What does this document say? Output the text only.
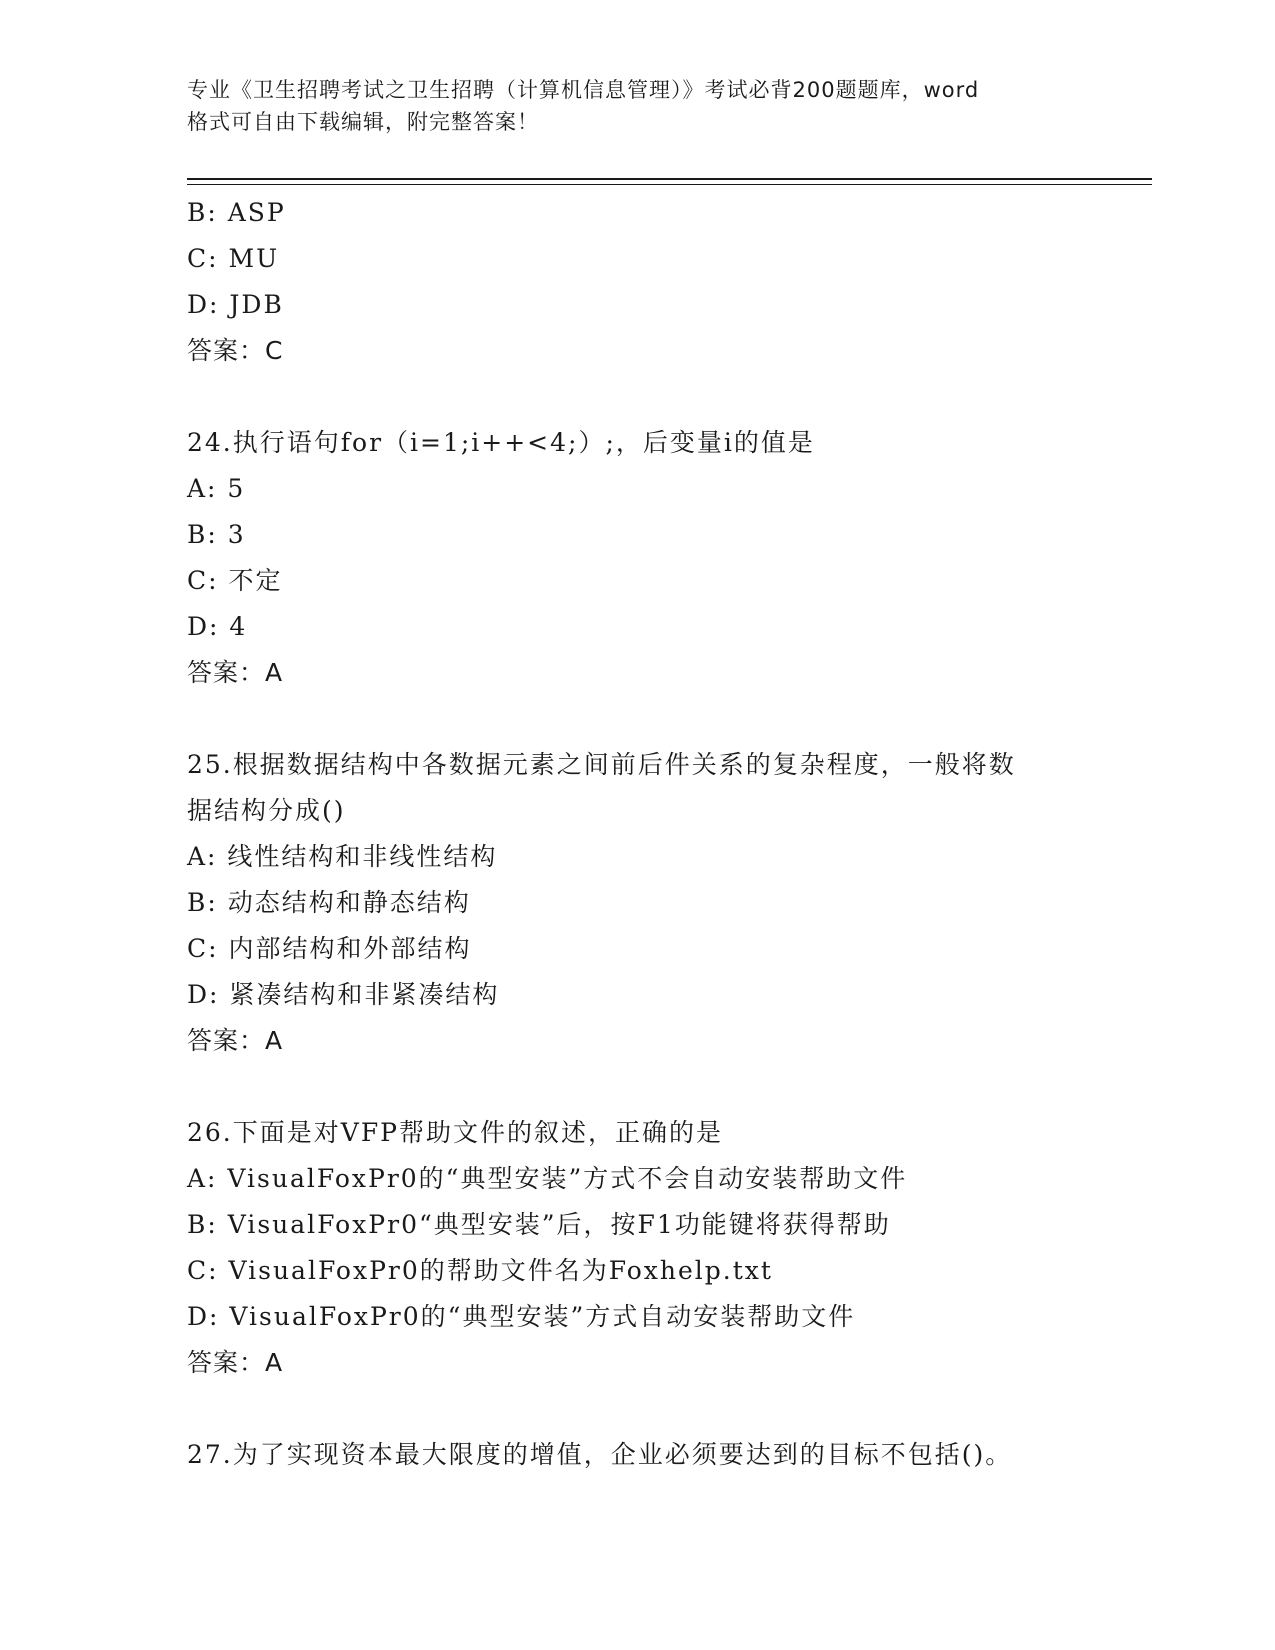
专业《卫生招聘考试之卫生招聘（计算机信息管理）》考试必背200题题库，word
格式可自由下载编辑，附完整答案！
B: ASP
C: MU
D: JDB
答案：C
24.执行语句for（i=1;i++<4;）;，后变量i的值是
A: 5
B: 3
C: 不定
D: 4
答案：A
25.根据数据结构中各数据元素之间前后件关系的复杂程度，一般将数
据结构分成()
A: 线性结构和非线性结构
B: 动态结构和静态结构
C: 内部结构和外部结构
D: 紧凑结构和非紧凑结构
答案：A
26.下面是对VFP帮助文件的叙述，正确的是
A: VisualFoxPr0的“典型安装”方式不会自动安装帮助文件
B: VisualFoxPr0“典型安装”后，按F1功能键将获得帮助
C: VisualFoxPr0的帮助文件名为Foxhelp.txt
D: VisualFoxPr0的“典型安装”方式自动安装帮助文件
答案：A
27.为了实现资本最大限度的增值，企业必须要达到的目标不包括()。
